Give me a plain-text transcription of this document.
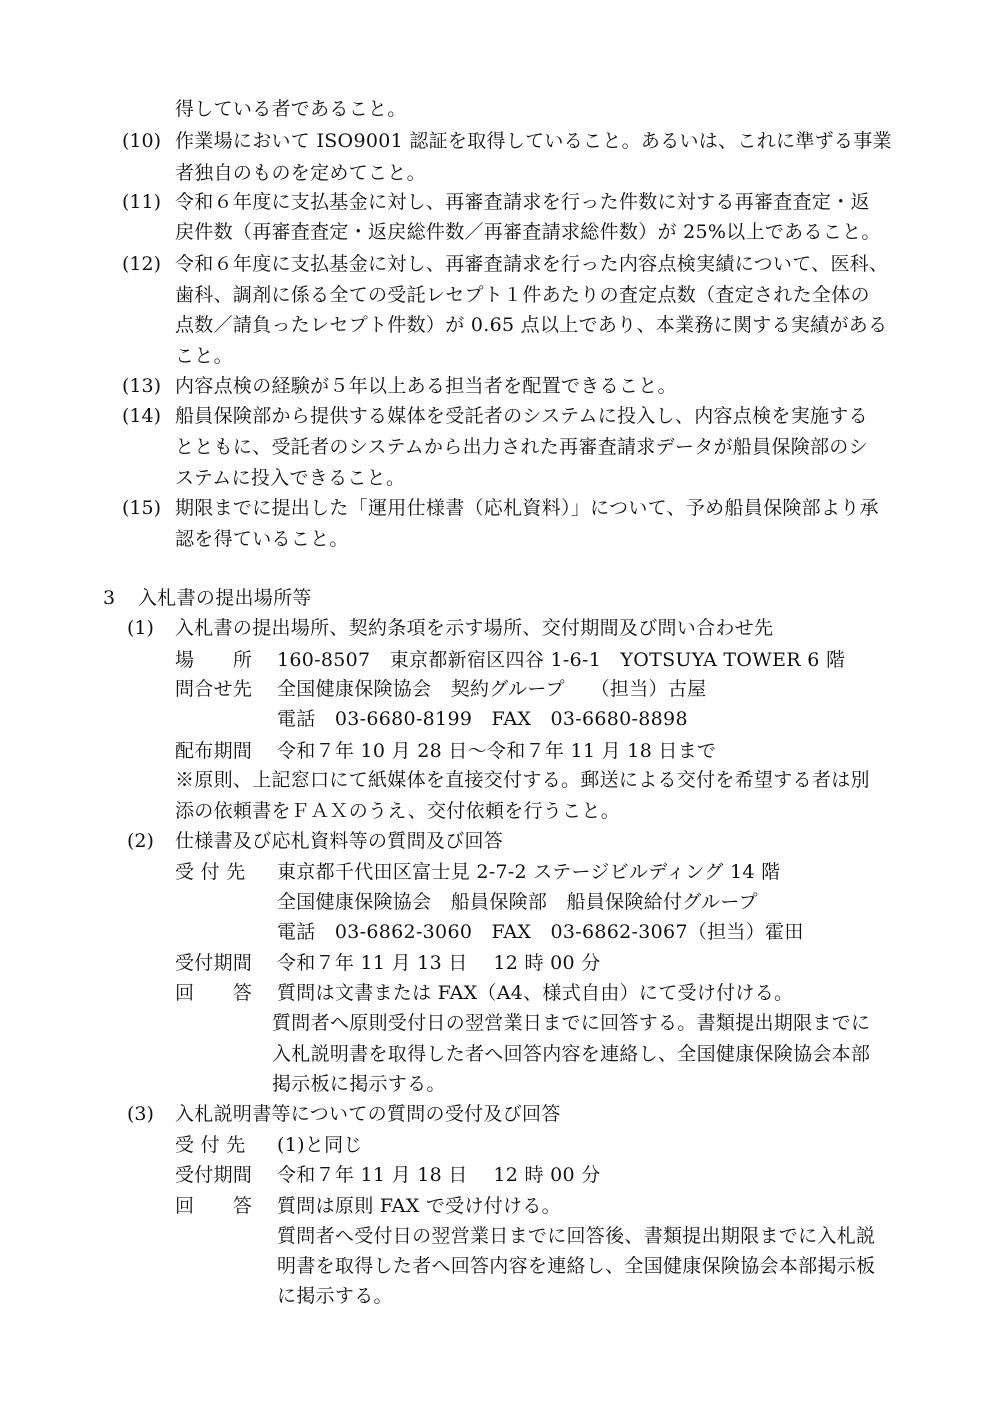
得している者であること。
(10) 作業場において ISO9001 認証を取得していること。あるいは、これに準ずる事業
者独自のものを定めてこと。
(11) 令和６年度に支払基金に対し、再審査請求を行った件数に対する再審査査定・返
戻件数（再審査査定・返戻総件数／再審査請求総件数）が 25%以上であること。
(12) 令和６年度に支払基金に対し、再審査請求を行った内容点検実績について、医科、
歯科、調剤に係る全ての受託レセプト１件あたりの査定点数（査定された全体の
点数／請負ったレセプト件数）が 0.65 点以上であり、本業務に関する実績がある
こと。
(13) 内容点検の経験が５年以上ある担当者を配置できること。
(14) 船員保険部から提供する媒体を受託者のシステムに投入し、内容点検を実施する
とともに、受託者のシステムから出力された再審査請求データが船員保険部のシ
ステムに投入できること。
(15) 期限までに提出した「運用仕様書（応札資料）」について、予め船員保険部より承
認を得ていること。
3 入札書の提出場所等
(1) 入札書の提出場所、契約条項を示す場所、交付期間及び問い合わせ先
場　　所 160-8507　東京都新宿区四谷 1-6-1　YOTSUYA TOWER 6 階
問合せ先 全国健康保険協会　契約グループ　 （担当）古屋
電話　03-6680-8199　FAX　03-6680-8898
配布期間 令和７年 10 月 28 日～令和７年 11 月 18 日まで
※原則、上記窓口にて紙媒体を直接交付する。郵送による交付を希望する者は別
添の依頼書をＦＡＸのうえ、交付依頼を行うこと。
(2) 仕様書及び応札資料等の質問及び回答
受 付 先 東京都千代田区富士見 2-7-2 ステージビルディング 14 階
全国健康保険協会　船員保険部　船員保険給付グループ
電話　03-6862-3060　FAX　03-6862-3067（担当）霍田
受付期間 令和７年 11 月 13 日　 12 時 00 分
回　　答 質問は文書または FAX（A4、様式自由）にて受け付ける。
質問者へ原則受付日の翌営業日までに回答する。書類提出期限までに
入札説明書を取得した者へ回答内容を連絡し、全国健康保険協会本部
掲示板に掲示する。
(3) 入札説明書等についての質問の受付及び回答
受 付 先 (1)と同じ
受付期間 令和７年 11 月 18 日　 12 時 00 分
回　　答 質問は原則 FAX で受け付ける。
質問者へ受付日の翌営業日までに回答後、書類提出期限までに入札説
明書を取得した者へ回答内容を連絡し、全国健康保険協会本部掲示板
に掲示する。
